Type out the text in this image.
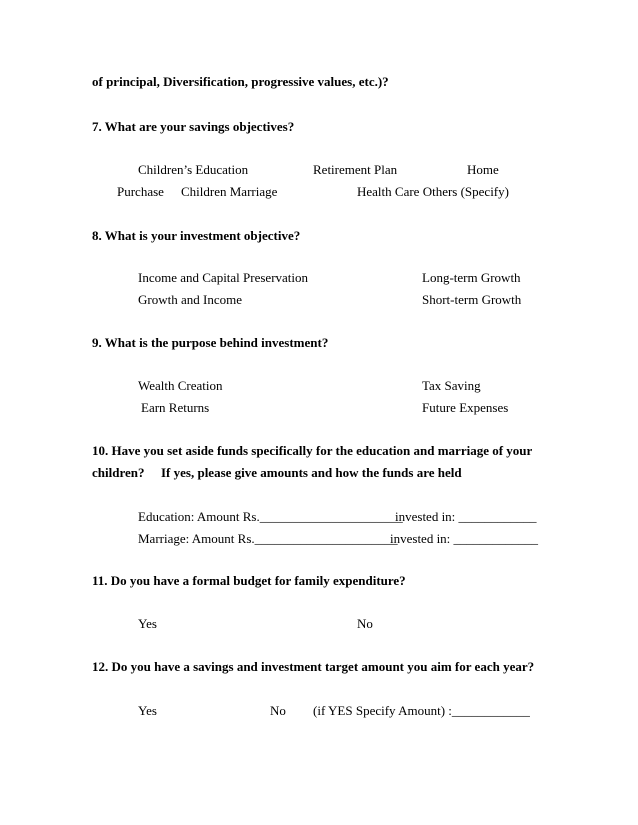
of principal, Diversification, progressive values, etc.)?
7. What are your savings objectives?
Children’s Education	Retirement Plan	Home
Purchase Children Marriage	Health Care Others (Specify)
8. What is your investment objective?
Income and Capital Preservation	Long-term Growth
Growth and Income	Short-term Growth
9. What is the purpose behind investment?
Wealth Creation	Tax Saving
Earn Returns	Future Expenses
10. Have you set aside funds specifically for the education and marriage of your
children? If yes, please give amounts and how the funds are held
Education: Amount Rs.______________________
invested in: ____________
Marriage: Amount Rs.______________________
invested in: _____________
11. Do you have a formal budget for family expenditure?
Yes	No
12. Do you have a savings and investment target amount you aim for each year?
Yes	No (if YES Specify Amount) :____________
